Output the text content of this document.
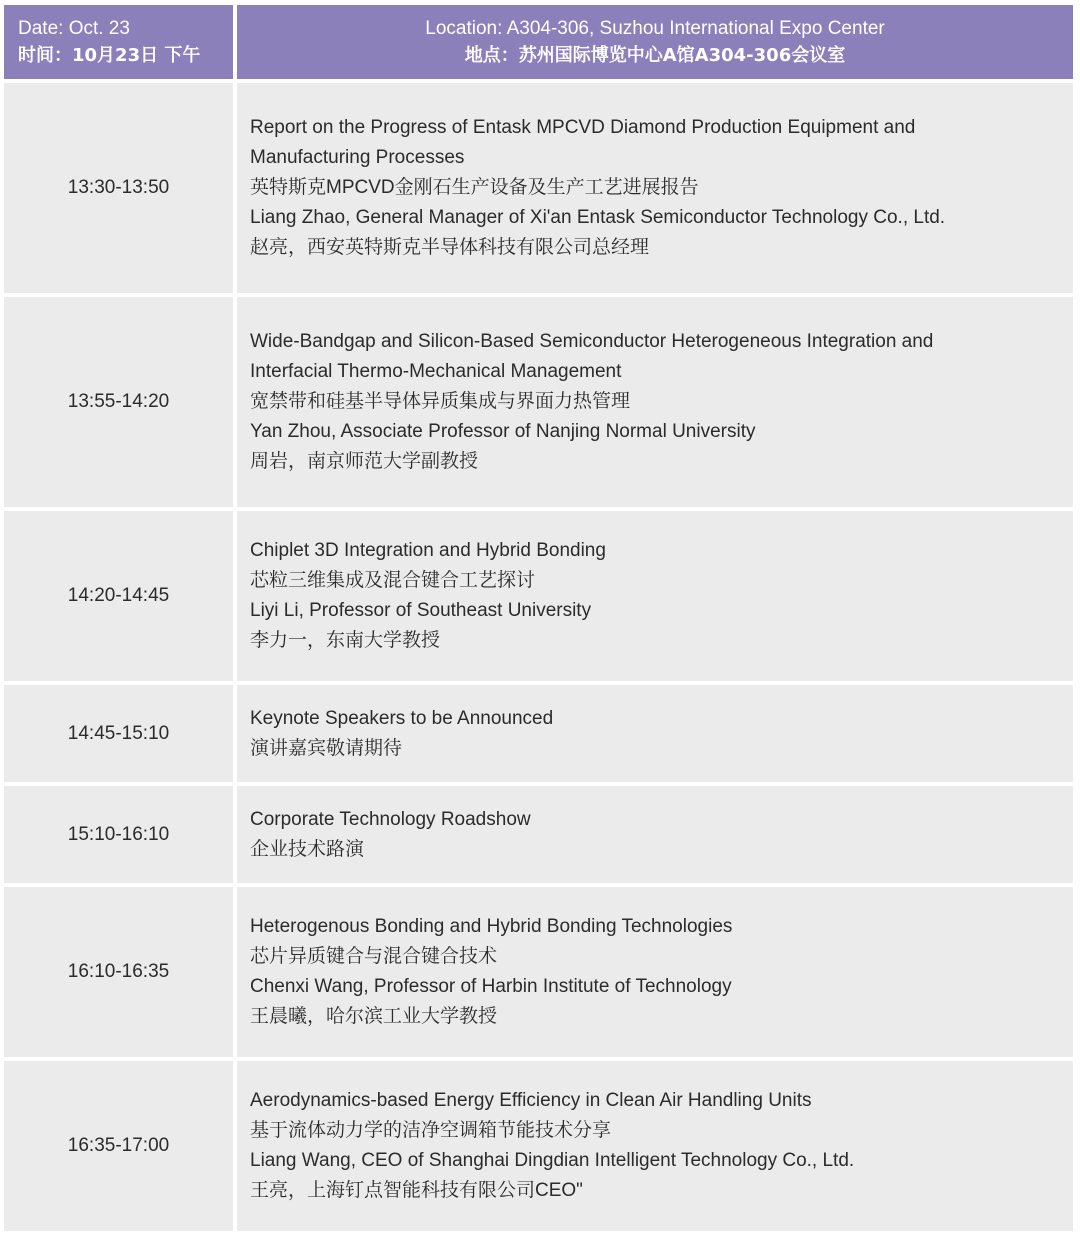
Date: Oct. 23
时间：10月23日 下午
Location: A304-306, Suzhou International Expo Center
地点：苏州国际博览中心A馆A304-306会议室
13:30-13:50
Report on the Progress of Entask MPCVD Diamond Production Equipment and
Manufacturing Processes
英特斯克MPCVD金刚石生产设备及生产工艺进展报告
Liang Zhao, General Manager of Xi'an Entask Semiconductor Technology Co., Ltd.
赵亮，西安英特斯克半导体科技有限公司总经理
13:55-14:20
Wide-Bandgap and Silicon-Based Semiconductor Heterogeneous Integration and
Interfacial Thermo-Mechanical Management
宽禁带和硅基半导体异质集成与界面力热管理
Yan Zhou, Associate Professor of Nanjing Normal University
周岩，南京师范大学副教授
14:20-14:45
Chiplet 3D Integration and Hybrid Bonding
芯粒三维集成及混合键合工艺探讨
Liyi Li, Professor of Southeast University
李力一，东南大学教授
14:45-15:10
Keynote Speakers to be Announced
演讲嘉宾敬请期待
15:10-16:10
Corporate Technology Roadshow
企业技术路演
16:10-16:35
Heterogenous Bonding and Hybrid Bonding Technologies
芯片异质键合与混合键合技术
Chenxi Wang, Professor of Harbin Institute of Technology
王晨曦，哈尔滨工业大学教授
16:35-17:00
Aerodynamics-based Energy Efficiency in Clean Air Handling Units
基于流体动力学的洁净空调箱节能技术分享
Liang Wang, CEO of Shanghai Dingdian Intelligent Technology Co., Ltd.
王亮，上海钉点智能科技有限公司CEO"
